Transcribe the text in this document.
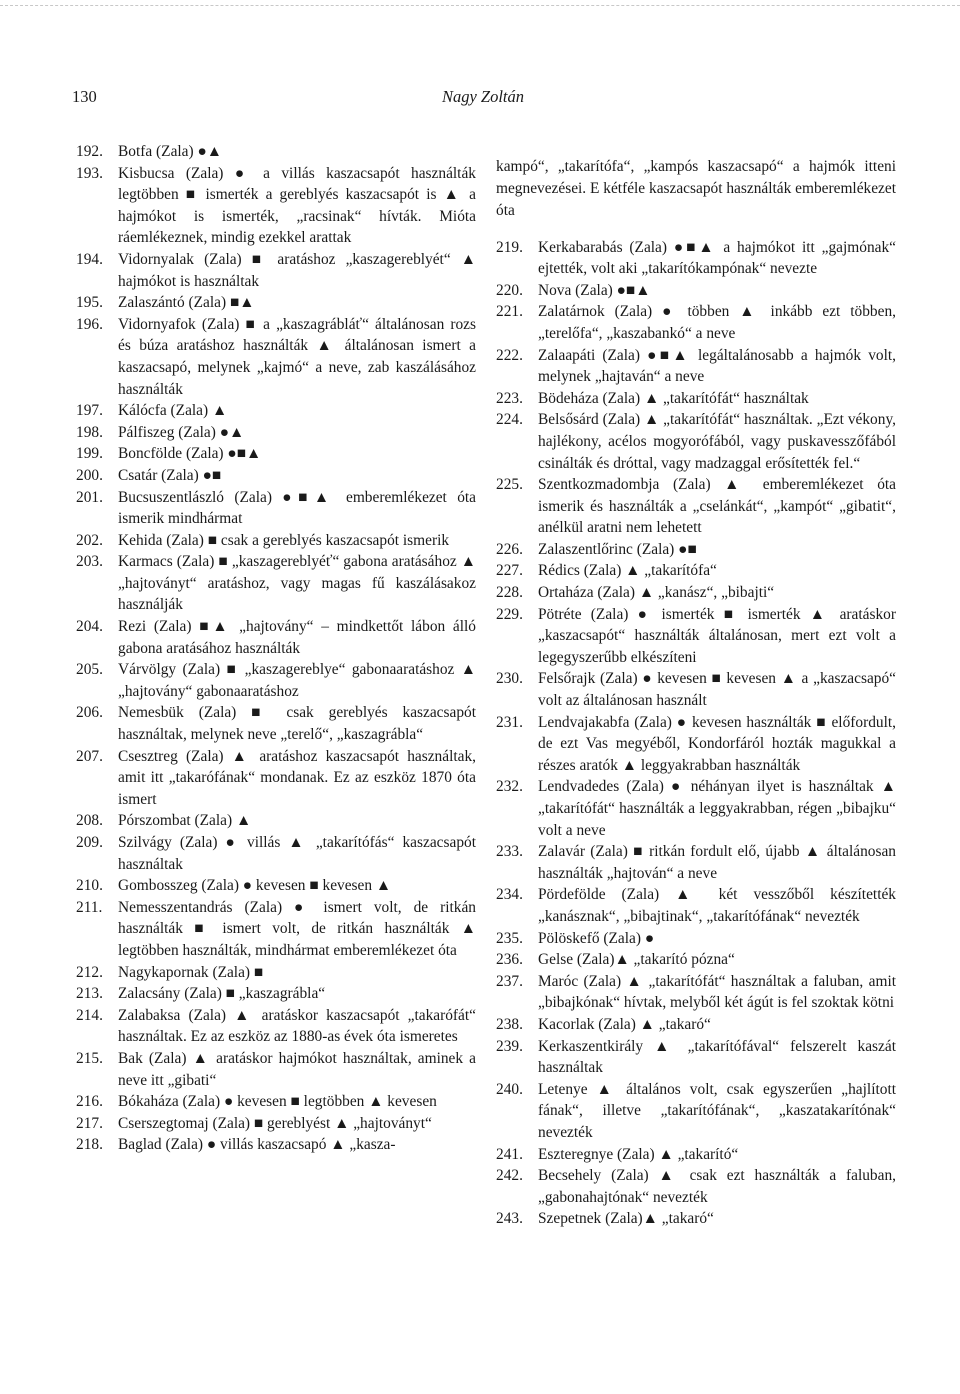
130	Nagy Zoltán
192. Botfa (Zala) ●▲
193. Kisbucsa (Zala) ● a villás kaszacsapót használták legtöbben ■ ismerték a gereblyés kaszacsapót is ▲ a hajmókot is ismerték, „racsinak“ hívták. Mióta ráemlékeznek, mindig ezekkel arattak
194. Vidornyalak (Zala) ■ aratáshoz „kaszagereblyét“ ▲ hajmókot is használtak
195. Zalaszántó (Zala) ■▲
196. Vidornyafok (Zala) ■ a „kaszagrábláť“ általánosan rozs és búza aratáshoz használták ▲ általánosan ismert a kaszacsapó, melynek „kajmó“ a neve, zab kaszálásához használták
197. Kálócfa (Zala) ▲
198. Pálfiszeg (Zala) ●▲
199. Boncfölde (Zala) ●■▲
200. Csatár (Zala) ●■
201. Bucsuszentlászló (Zala) ●■▲ emberemlékezet óta ismerik mindhármat
202. Kehida (Zala) ■ csak a gereblyés kaszacsapót ismerik
203. Karmacs (Zala) ■ „kaszagereblyéť“ gabona aratásához ▲ „hajtoványt“ aratáshoz, vagy magas fű kaszálásakoz használják
204. Rezi (Zala) ■▲ „hajtovány“ – mindkettőt lábon álló gabona aratásához használták
205. Várvölgy (Zala) ■ „kaszagereblye“ gabonaaratáshoz ▲ „hajtovány“ gabonaaratáshoz
206. Nemesbük (Zala) ■ csak gereblyés kaszacsapót használtak, melynek neve „terelő“, „kaszagrábla“
207. Csesztreg (Zala) ▲ aratáshoz kaszacsapót használtak, amit itt „takarófának“ mondanak. Ez az eszköz 1870 óta ismert
208. Pórszombat (Zala) ▲
209. Szilvágy (Zala) ● villás ▲ „takarítófás“ kaszacsapót használtak
210. Gombosszeg (Zala) ● kevesen ■ kevesen ▲
211. Nemesszentandrás (Zala) ● ismert volt, de ritkán használták ■ ismert volt, de ritkán használták ▲ legtöbben használták, mindhármat emberemlékezet óta
212. Nagykapornak (Zala) ■
213. Zalacsány (Zala) ■ „kaszagrábla“
214. Zalabaksa (Zala) ▲ aratáskor kaszacsapót „takarófát“ használtak. Ez az eszköz az 1880-as évek óta ismeretes
215. Bak (Zala) ▲ aratáskor hajmókot használtak, aminek a neve itt „gibati“
216. Bókaháza (Zala) ● kevesen ■ legtöbben ▲ kevesen
217. Cserszegtomaj (Zala) ■ gereblyést ▲ „hajtoványt“
218. Baglad (Zala) ● villás kaszacsapó ▲ „kasza-

kampó“, „takarítófa“, „kampós kaszacsapó“ a hajmók itteni megnevezései. E kétféle kaszacsapót használták emberemlékezet óta

219. Kerkabarabás (Zala) ●■▲ a hajmókot itt „gajmónak“ ejtették, volt aki „takarítókampónak“ nevezte
220. Nova (Zala) ●■▲
221. Zalatárnok (Zala) ● többen ▲ inkább ezt többen, „terelőfa“, „kaszabankó“ a neve
222. Zalaapáti (Zala) ●■▲ legáltalánosabb a hajmók volt, melynek „hajtaván“ a neve
223. Bödeháza (Zala) ▲ „takarítófát“ használtak
224. Belsősárd (Zala) ▲ „takarítófát“ használtak. „Ezt vékony, hajlékony, acélos mogyorófából, vagy puskavesszőfából csinálták és dróttal, vagy madzaggal erősítették fel.“
225. Szentkozmadombja (Zala) ▲ emberemlékezet óta ismerik és használták a „cselánkát“, „kampót“ „gibatit“, anélkül aratni nem lehetett
226. Zalaszentlőrinc (Zala) ●■
227. Rédics (Zala) ▲ „takarítófa“
228. Ortaháza (Zala) ▲ „kanász“, „bibajti“
229. Pötréte (Zala) ● ismerték ■ ismerték ▲ aratáskor „kaszacsapót“ használták általánosan, mert ezt volt a legegyszerűbb elkészíteni
230. Felsőrajk (Zala) ● kevesen ■ kevesen ▲ a „kaszacsapó“ volt az általánosan használt
231. Lendvajakabfa (Zala) ● kevesen használták ■ előfordult, de ezt Vas megyéből, Kondorfáról hozták magukkal a részes aratók ▲ leggyakrabban használták
232. Lendvadedes (Zala) ● néhányan ilyet is használtak ▲ „takarítófát“ használták a leggyakrabban, régen „bibajku“ volt a neve
233. Zalavár (Zala) ■ ritkán fordult elő, újabb ▲ általánosan használták „hajtován“ a neve
234. Pördefölde (Zala) ▲ két vesszőből készítették „kanásznak“, „bibajtinak“, „takarítófának“ nevezték
235. Pölöskefő (Zala) ●
236. Gelse (Zala)▲ „takarító pózna“
237. Maróc (Zala) ▲ „takarítófát“ használtak a faluban, amit „bibajkónak“ hívtak, melyből két ágút is fel szoktak kötni
238. Kacorlak (Zala) ▲ „takaró“
239. Kerkaszentkirály ▲ „takarítófával“ felszerelt kaszát használtak
240. Letenye ▲ általános volt, csak egyszerűen „hajlított fának“, illetve „takarítófának“, „kaszatakarítónak“ nevezték
241. Eszteregnye (Zala) ▲ „takarító“
242. Becsehely (Zala) ▲ csak ezt használták a faluban, „gabonahajtónak“ nevezték
243. Szepetnek (Zala)▲ „takaró“
